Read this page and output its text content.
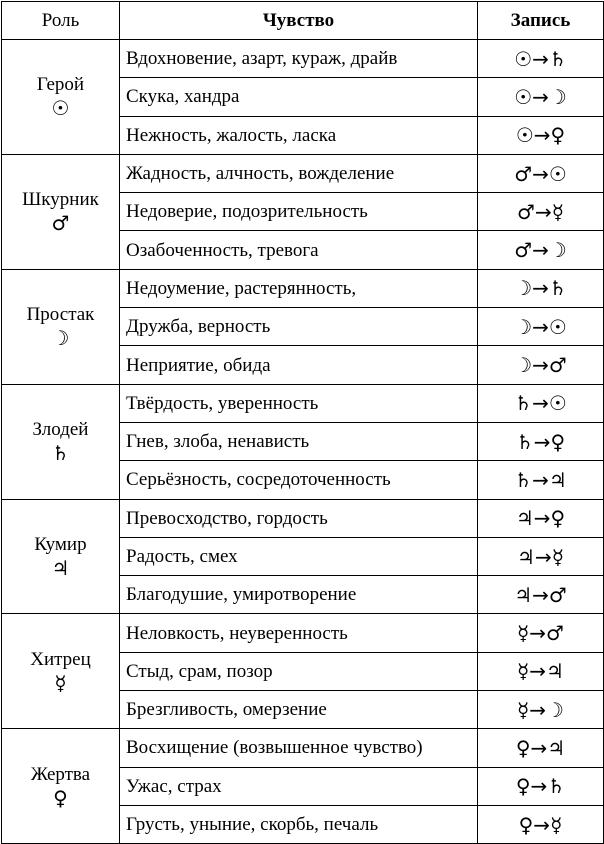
Роль	Чувство	Запись

Герой
☉	Вдохновение, азарт, кураж, драйв	☉→♄
	Скука, хандра	☉→☽
	Нежность, жалость, ласка	☉→♀

Шкурник
♂	Жадность, алчность, вожделение	♂→☉
	Недоверие, подозрительность	♂→☿
	Озабоченность, тревога	♂→☽

Простак
☽	Недоумение, растерянность,	☽→♄
	Дружба, верность	☽→☉
	Неприятие, обида	☽→♂

Злодей
♄	Твёрдость, уверенность	♄→☉
	Гнев, злоба, ненависть	♄→♀
	Серьёзность, сосредоточенность	♄→♃

Кумир
♃	Превосходство, гордость	♃→♀
	Радость, смех	♃→☿
	Благодушие, умиротворение	♃→♂

Хитрец
☿	Неловкость, неуверенность	☿→♂
	Стыд, срам, позор	☿→♃
	Брезгливость, омерзение	☿→☽

Жертва
♀	Восхищение (возвышенное чувство)	♀→♃
	Ужас, страх	♀→♄
	Грусть, уныние, скорбь, печаль	♀→☿
